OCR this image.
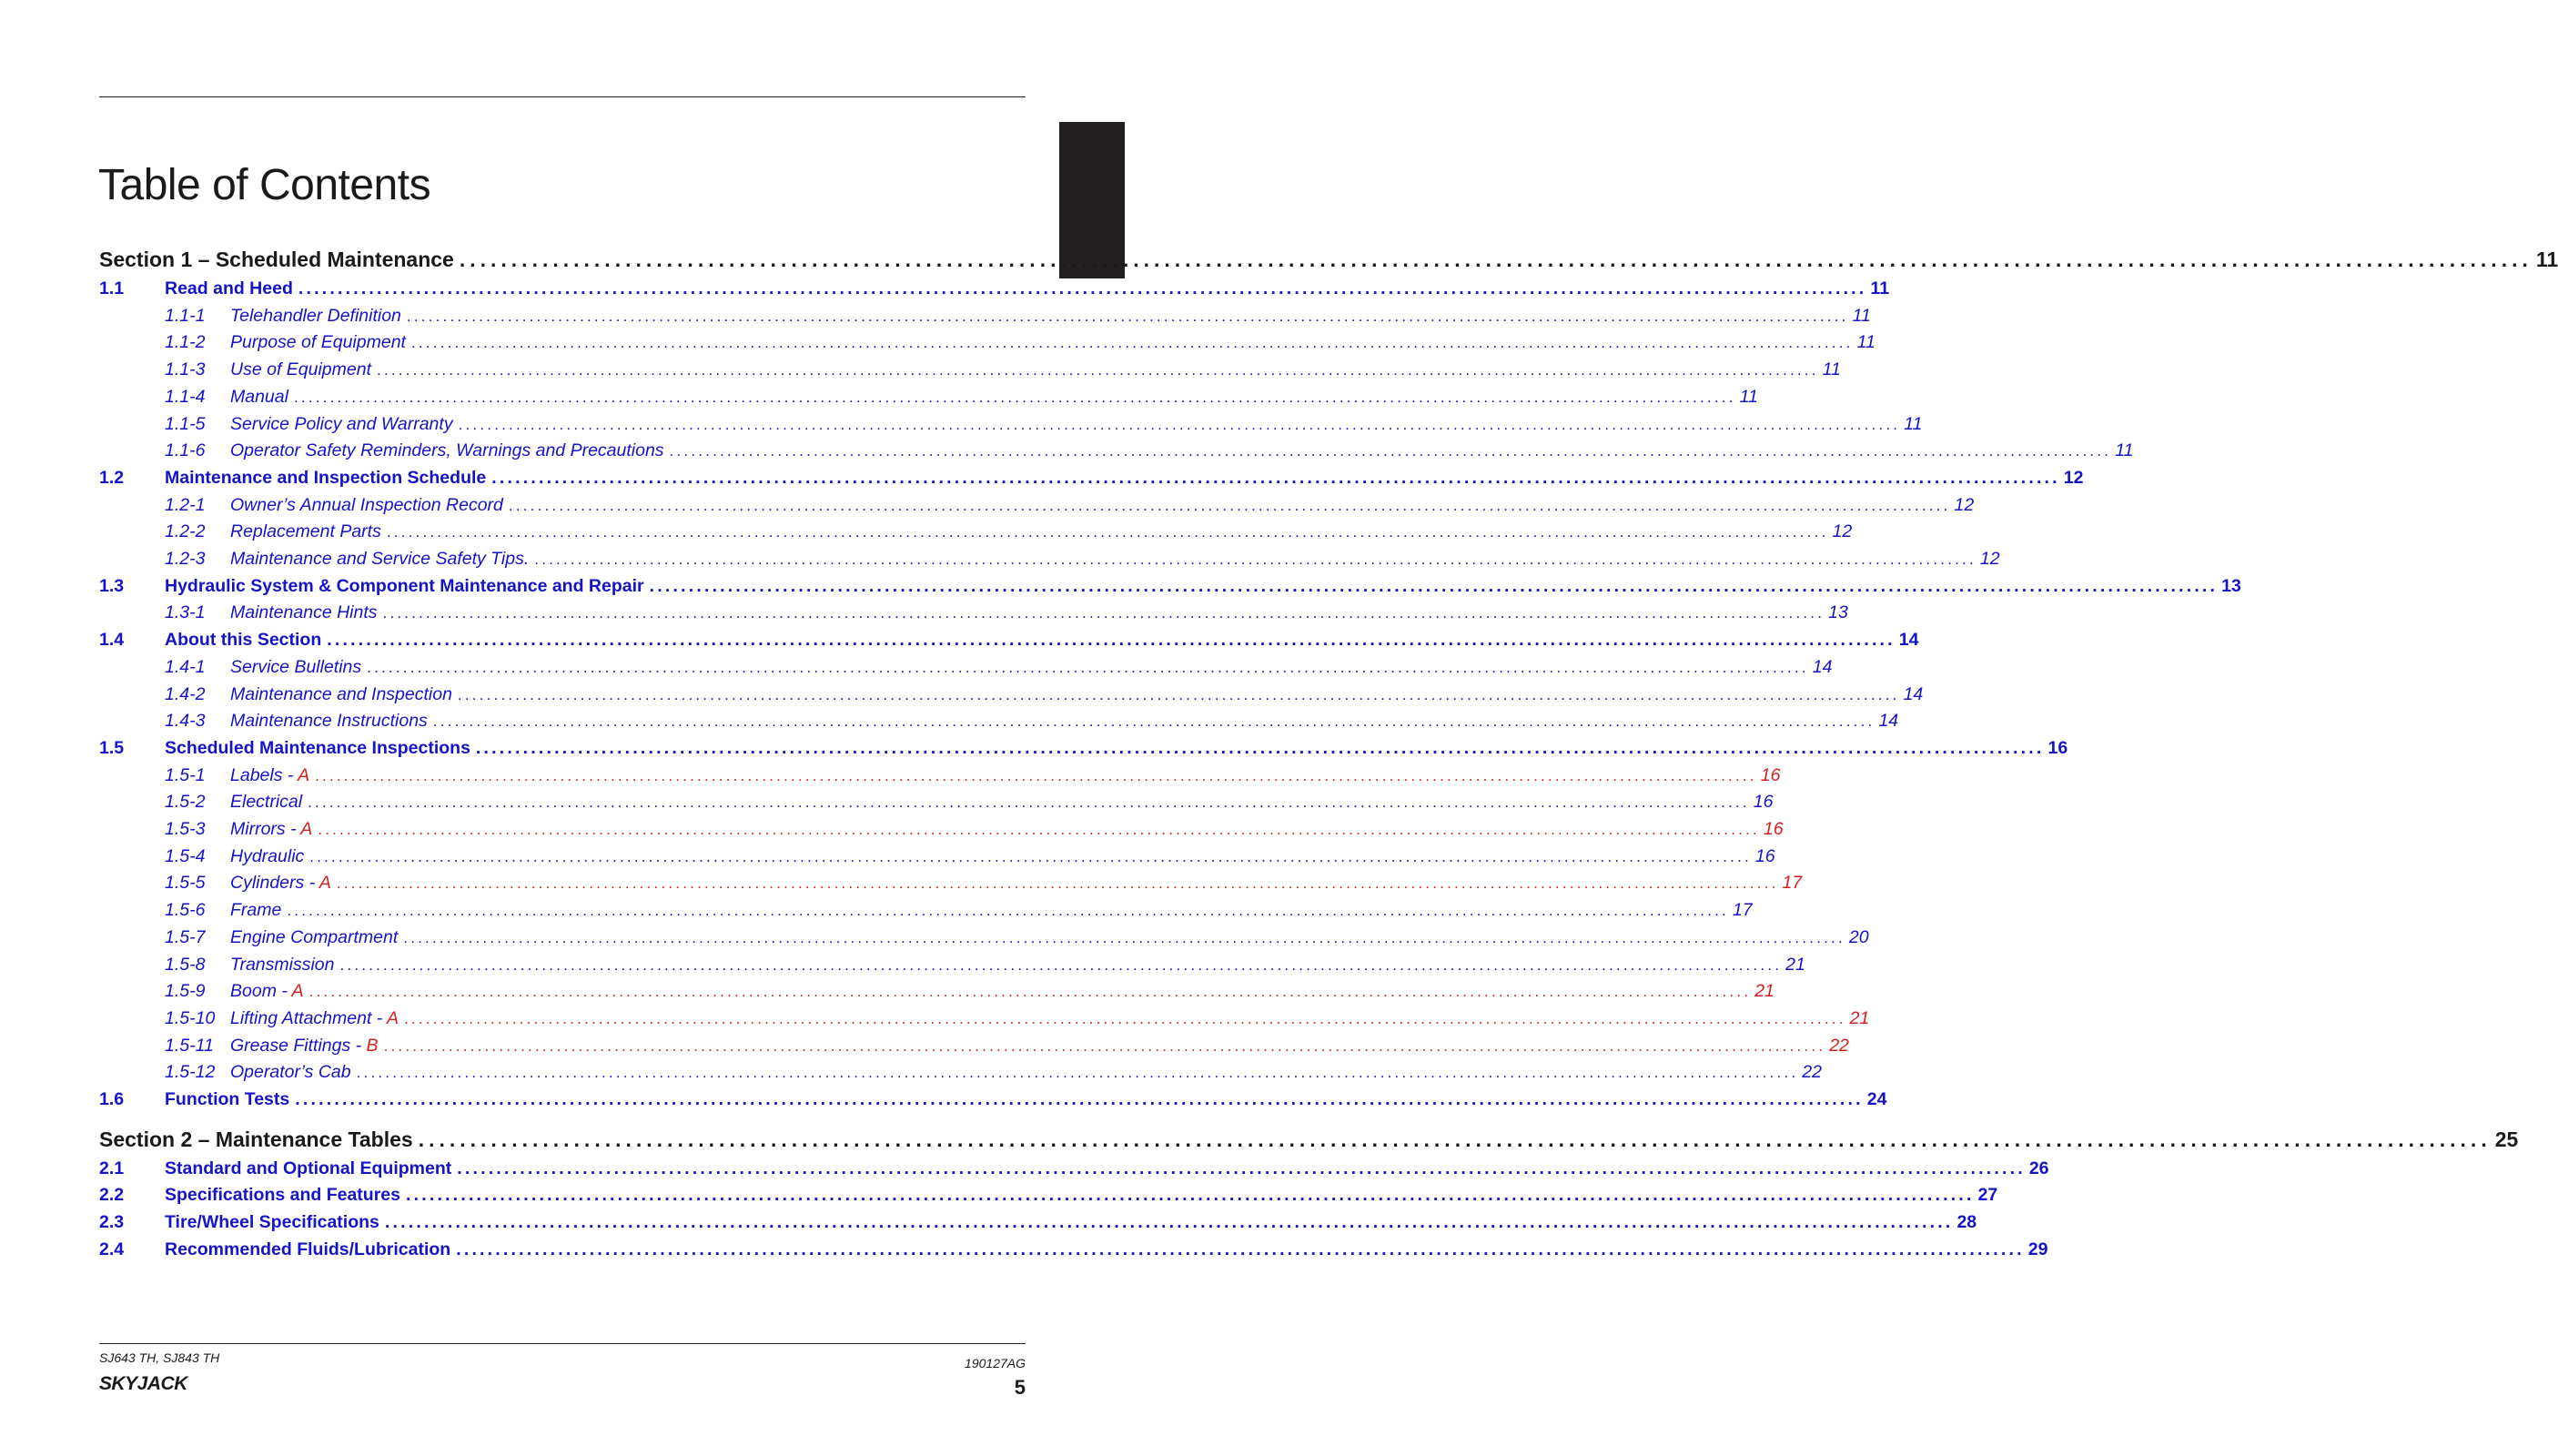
Table of Contents
Section 1 – Scheduled Maintenance ........................................................................................................................................................................................................ 11
1.1	Read and Heed ........................................................................................................................................................................................................ 11
1.1-1	Telehandler Definition ........................................................................................................................................................................................................ 11
1.1-2	Purpose of Equipment ........................................................................................................................................................................................................ 11
1.1-3	Use of Equipment ........................................................................................................................................................................................................ 11
1.1-4	Manual ........................................................................................................................................................................................................ 11
1.1-5	Service Policy and Warranty ........................................................................................................................................................................................................ 11
1.1-6	Operator Safety Reminders, Warnings and Precautions ........................................................................................................................................................................................................ 11
1.2	Maintenance and Inspection Schedule ........................................................................................................................................................................................................ 12
1.2-1	Owner’s Annual Inspection Record ........................................................................................................................................................................................................ 12
1.2-2	Replacement Parts ........................................................................................................................................................................................................ 12
1.2-3	Maintenance and Service Safety Tips. ........................................................................................................................................................................................................ 12
1.3	Hydraulic System & Component Maintenance and Repair ........................................................................................................................................................................................................ 13
1.3-1	Maintenance Hints ........................................................................................................................................................................................................ 13
1.4	About this Section ........................................................................................................................................................................................................ 14
1.4-1	Service Bulletins ........................................................................................................................................................................................................ 14
1.4-2	Maintenance and Inspection ........................................................................................................................................................................................................ 14
1.4-3	Maintenance Instructions ........................................................................................................................................................................................................ 14
1.5	Scheduled Maintenance Inspections ........................................................................................................................................................................................................ 16
1.5-1	Labels - A ........................................................................................................................................................................................................ 16
1.5-2	Electrical ........................................................................................................................................................................................................ 16
1.5-3	Mirrors - A ........................................................................................................................................................................................................ 16
1.5-4	Hydraulic ........................................................................................................................................................................................................ 16
1.5-5	Cylinders - A ........................................................................................................................................................................................................ 17
1.5-6	Frame ........................................................................................................................................................................................................ 17
1.5-7	Engine Compartment ........................................................................................................................................................................................................ 20
1.5-8	Transmission ........................................................................................................................................................................................................ 21
1.5-9	Boom - A ........................................................................................................................................................................................................ 21
1.5-10 Lifting Attachment - A ........................................................................................................................................................................................................ 21
1.5-11 Grease Fittings - B ........................................................................................................................................................................................................ 22
1.5-12 Operator’s Cab ........................................................................................................................................................................................................ 22
1.6	Function Tests ........................................................................................................................................................................................................ 24
Section 2 – Maintenance Tables ........................................................................................................................................................................................................ 25
2.1	Standard and Optional Equipment ........................................................................................................................................................................................................ 26
2.2	Specifications and Features ........................................................................................................................................................................................................ 27
2.3	Tire/Wheel Specifications ........................................................................................................................................................................................................ 28
2.4	Recommended Fluids/Lubrication ........................................................................................................................................................................................................ 29
SJ643 TH, SJ843 TH	190127AG
SKYJACK	5
